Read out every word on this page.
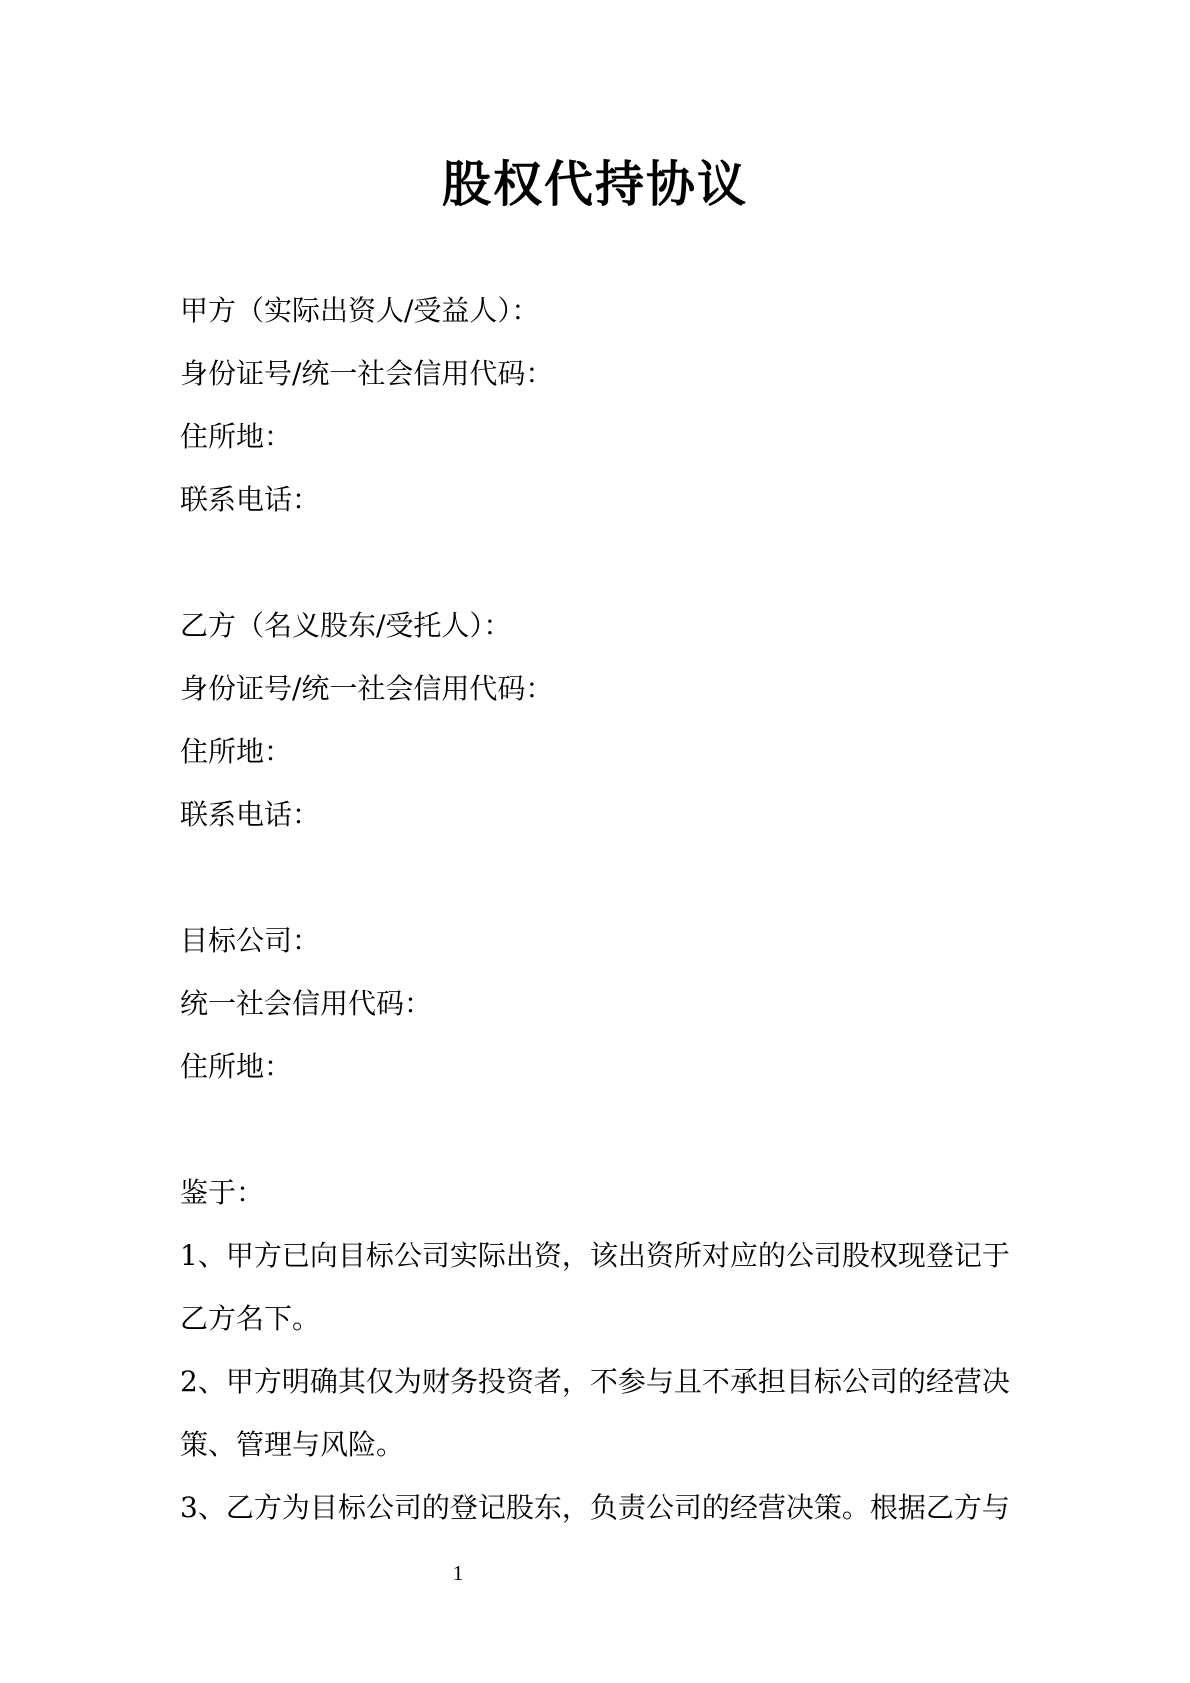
股权代持协议
甲方（实际出资人/受益人）：
身份证号/统一社会信用代码：
住所地：
联系电话：
乙方（名义股东/受托人）：
身份证号/统一社会信用代码：
住所地：
联系电话：
目标公司：
统一社会信用代码：
住所地：
鉴于：
1、甲方已向目标公司实际出资，该出资所对应的公司股权现登记于
乙方名下。
2、甲方明确其仅为财务投资者，不参与且不承担目标公司的经营决
策、管理与风险。
3、乙方为目标公司的登记股东，负责公司的经营决策。根据乙方与
1
